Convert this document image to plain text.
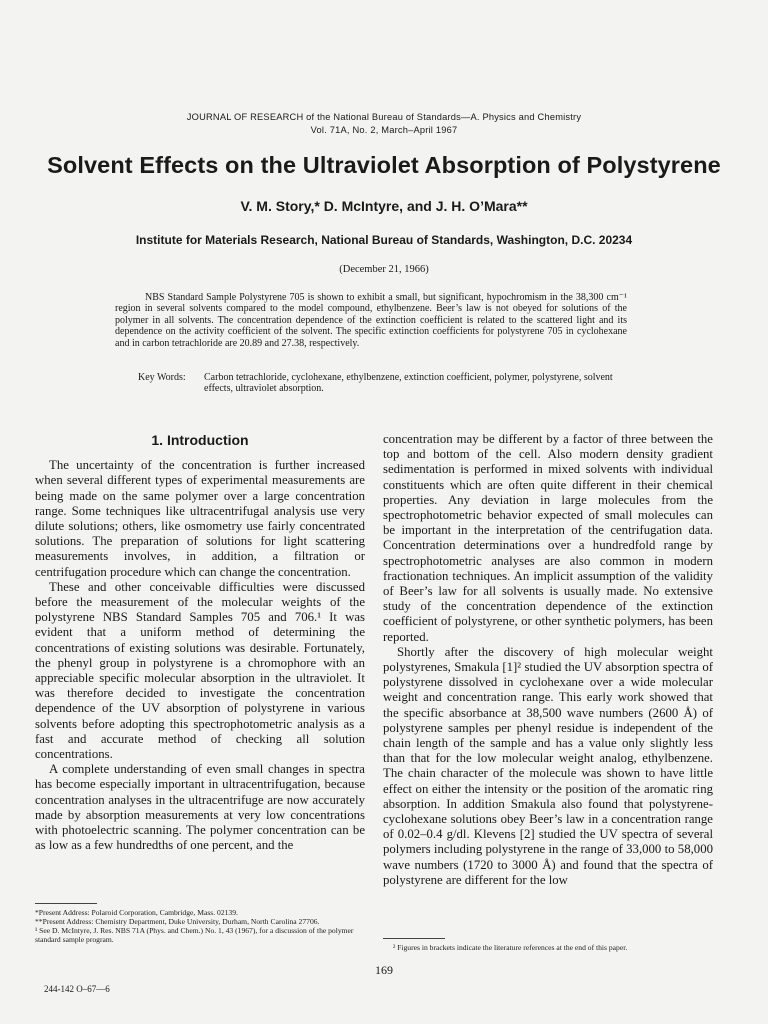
JOURNAL OF RESEARCH of the National Bureau of Standards—A. Physics and Chemistry
Vol. 71A, No. 2, March–April 1967
Solvent Effects on the Ultraviolet Absorption of Polystyrene
V. M. Story,* D. McIntyre, and J. H. O’Mara**
Institute for Materials Research, National Bureau of Standards, Washington, D.C. 20234
(December 21, 1966)

NBS Standard Sample Polystyrene 705 is shown to exhibit a small, but significant, hypochromism in the 38,300 cm⁻¹ region in several solvents compared to the model compound, ethylbenzene. Beer’s law is not obeyed for solutions of the polymer in all solvents. The concentration dependence of the extinction coefficient is related to the scattered light and its dependence on the activity coefficient of the solvent. The specific extinction coefficients for polystyrene 705 in cyclohexane and in carbon tetrachloride are 20.89 and 27.38, respectively.

Key Words:	Carbon tetrachloride, cyclohexane, ethylbenzene, extinction coefficient, polymer, polystyrene, solvent effects, ultraviolet absorption.
1. Introduction

The uncertainty of the concentration is further increased when several different types of experimental measurements are being made on the same polymer over a large concentration range. Some techniques like ultracentrifugal analysis use very dilute solutions; others, like osmometry use fairly concentrated solutions. The preparation of solutions for light scattering measurements involves, in addition, a filtration or centrifugation procedure which can change the concentration.

These and other conceivable difficulties were discussed before the measurement of the molecular weights of the polystyrene NBS Standard Samples 705 and 706.¹ It was evident that a uniform method of determining the concentrations of existing solutions was desirable. Fortunately, the phenyl group in polystyrene is a chromophore with an appreciable specific molecular absorption in the ultraviolet. It was therefore decided to investigate the concentration dependence of the UV absorption of polystyrene in various solvents before adopting this spectrophotometric analysis as a fast and accurate method of checking all solution concentrations.

A complete understanding of even small changes in spectra has become especially important in ultracentrifugation, because concentration analyses in the ultracentrifuge are now accurately made by absorption measurements at very low concentrations with photoelectric scanning. The polymer concentration can be as low as a few hundredths of one percent, and the

concentration may be different by a factor of three between the top and bottom of the cell. Also modern density gradient sedimentation is performed in mixed solvents with individual constituents which are often quite different in their chemical properties. Any deviation in large molecules from the spectrophotometric behavior expected of small molecules can be important in the interpretation of the centrifugation data. Concentration determinations over a hundredfold range by spectrophotometric analyses are also common in modern fractionation techniques. An implicit assumption of the validity of Beer’s law for all solvents is usually made. No extensive study of the concentration dependence of the extinction coefficient of polystyrene, or other synthetic polymers, has been reported.

Shortly after the discovery of high molecular weight polystyrenes, Smakula [1]² studied the UV absorption spectra of polystyrene dissolved in cyclohexane over a wide molecular weight and concentration range. This early work showed that the specific absorbance at 38,500 wave numbers (2600 Å) of polystyrene samples per phenyl residue is independent of the chain length of the sample and has a value only slightly less than that for the low molecular weight analog, ethylbenzene. The chain character of the molecule was shown to have little effect on either the intensity or the position of the aromatic ring absorption. In addition Smakula also found that polystyrene-cyclohexane solutions obey Beer’s law in a concentration range of 0.02–0.4 g/dl. Klevens [2] studied the UV spectra of several polymers including polystyrene in the range of 33,000 to 58,000 wave numbers (1720 to 3000 Å) and found that the spectra of polystyrene are different for the low

*Present Address: Polaroid Corporation, Cambridge, Mass. 02139.

**Present Address: Chemistry Department, Duke University, Durham, North Carolina 27706.

¹ See D. McIntyre, J. Res. NBS 71A (Phys. and Chem.) No. 1, 43 (1967), for a discussion of the polymer standard sample program.

² Figures in brackets indicate the literature references at the end of this paper.

169
244-142 O–67—6
